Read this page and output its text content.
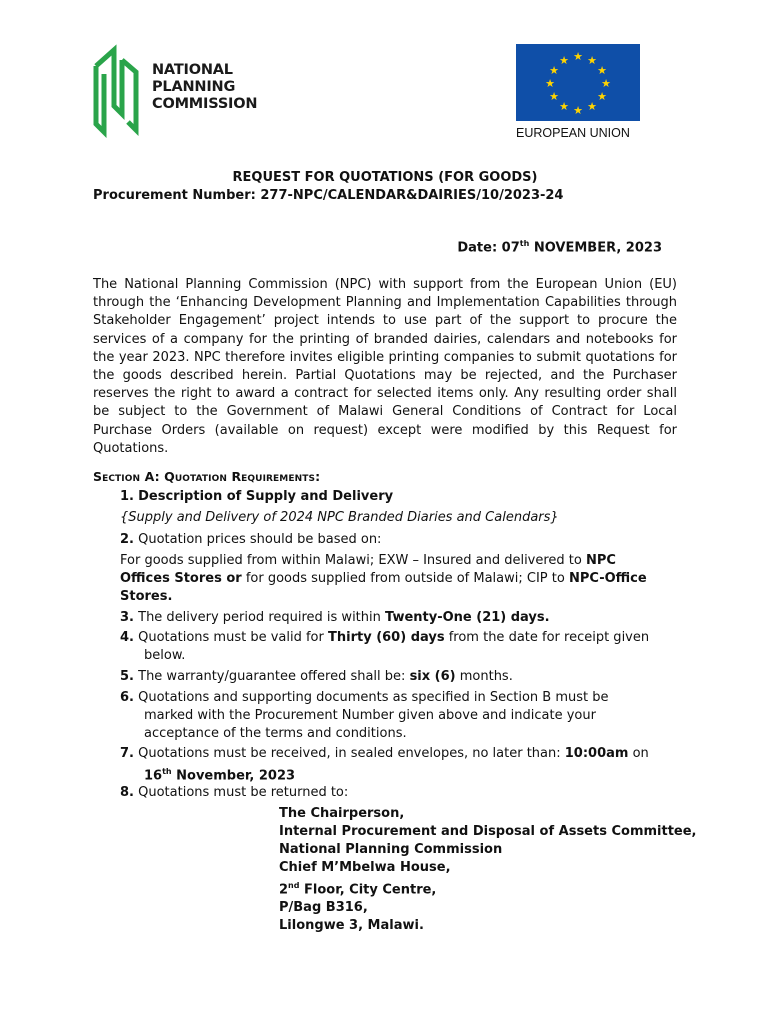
NATIONAL
PLANNING
COMMISSION
★ ★
★
★
★
★
★
★
★
★
★
★
EUROPEAN UNION
REQUEST FOR QUOTATIONS (FOR GOODS)
Procurement Number: 277-NPC/CALENDAR&DAIRIES/10/2023-24
Date: 07th NOVEMBER, 2023
The National Planning Commission (NPC) with support from the European Union (EU) through the ‘Enhancing Development Planning and Implementation Capabilities through Stakeholder Engagement’ project intends to use part of the support to procure the services of a company for the printing of branded dairies, calendars and notebooks for the year 2023. NPC therefore invites eligible printing companies to submit quotations for the goods described herein. Partial Quotations may be rejected, and the Purchaser reserves the right to award a contract for selected items only. Any resulting order shall be subject to the Government of Malawi General Conditions of Contract for Local Purchase Orders (available on request) except were modified by this Request for Quotations.
Section A: Quotation Requirements:
1. Description of Supply and Delivery
{Supply and Delivery of 2024 NPC Branded Diaries and Calendars}
2. Quotation prices should be based on:
For goods supplied from within Malawi; EXW – Insured and delivered to NPC Offices Stores or for goods supplied from outside of Malawi; CIP to NPC-Office Stores.
3. The delivery period required is within Twenty-One (21) days.
4. Quotations must be valid for Thirty (60) days from the date for receipt given below.
5. The warranty/guarantee offered shall be: six (6) months.
6. Quotations and supporting documents as specified in Section B must be marked with the Procurement Number given above and indicate your acceptance of the terms and conditions.
7. Quotations must be received, in sealed envelopes, no later than: 10:00am on
16th November, 2023
8. Quotations must be returned to:
The Chairperson,
Internal Procurement and Disposal of Assets Committee,
National Planning Commission
Chief M’Mbelwa House,
2nd Floor, City Centre,
P/Bag B316,
Lilongwe 3, Malawi.
